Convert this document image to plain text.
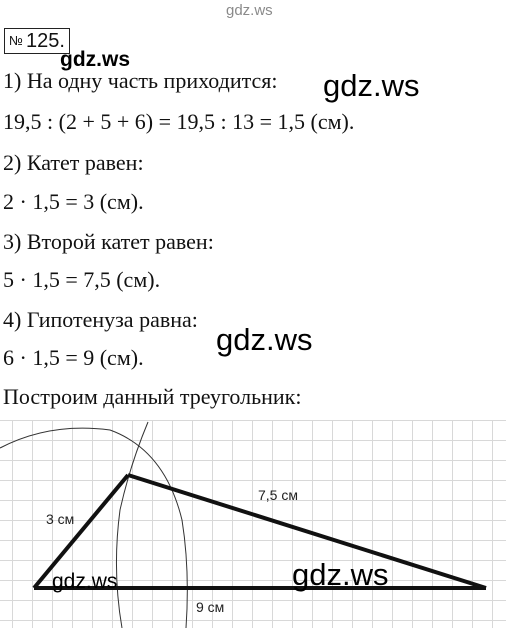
gdz.ws
№ 125.
gdz.ws
1) На одну часть приходится: gdz.ws
19,5 : (2 + 5 + 6) = 19,5 : 13 = 1,5 (см).
2) Катет равен:
2 · 1,5 = 3 (см).
3) Второй катет равен:
5 · 1,5 = 7,5 (см).
4) Гипотенуза равна:
gdz.ws
6 · 1,5 = 9 (см).
Построим данный треугольник:
3 см
7,5 см
9 см
gdz.ws	gdz.ws
